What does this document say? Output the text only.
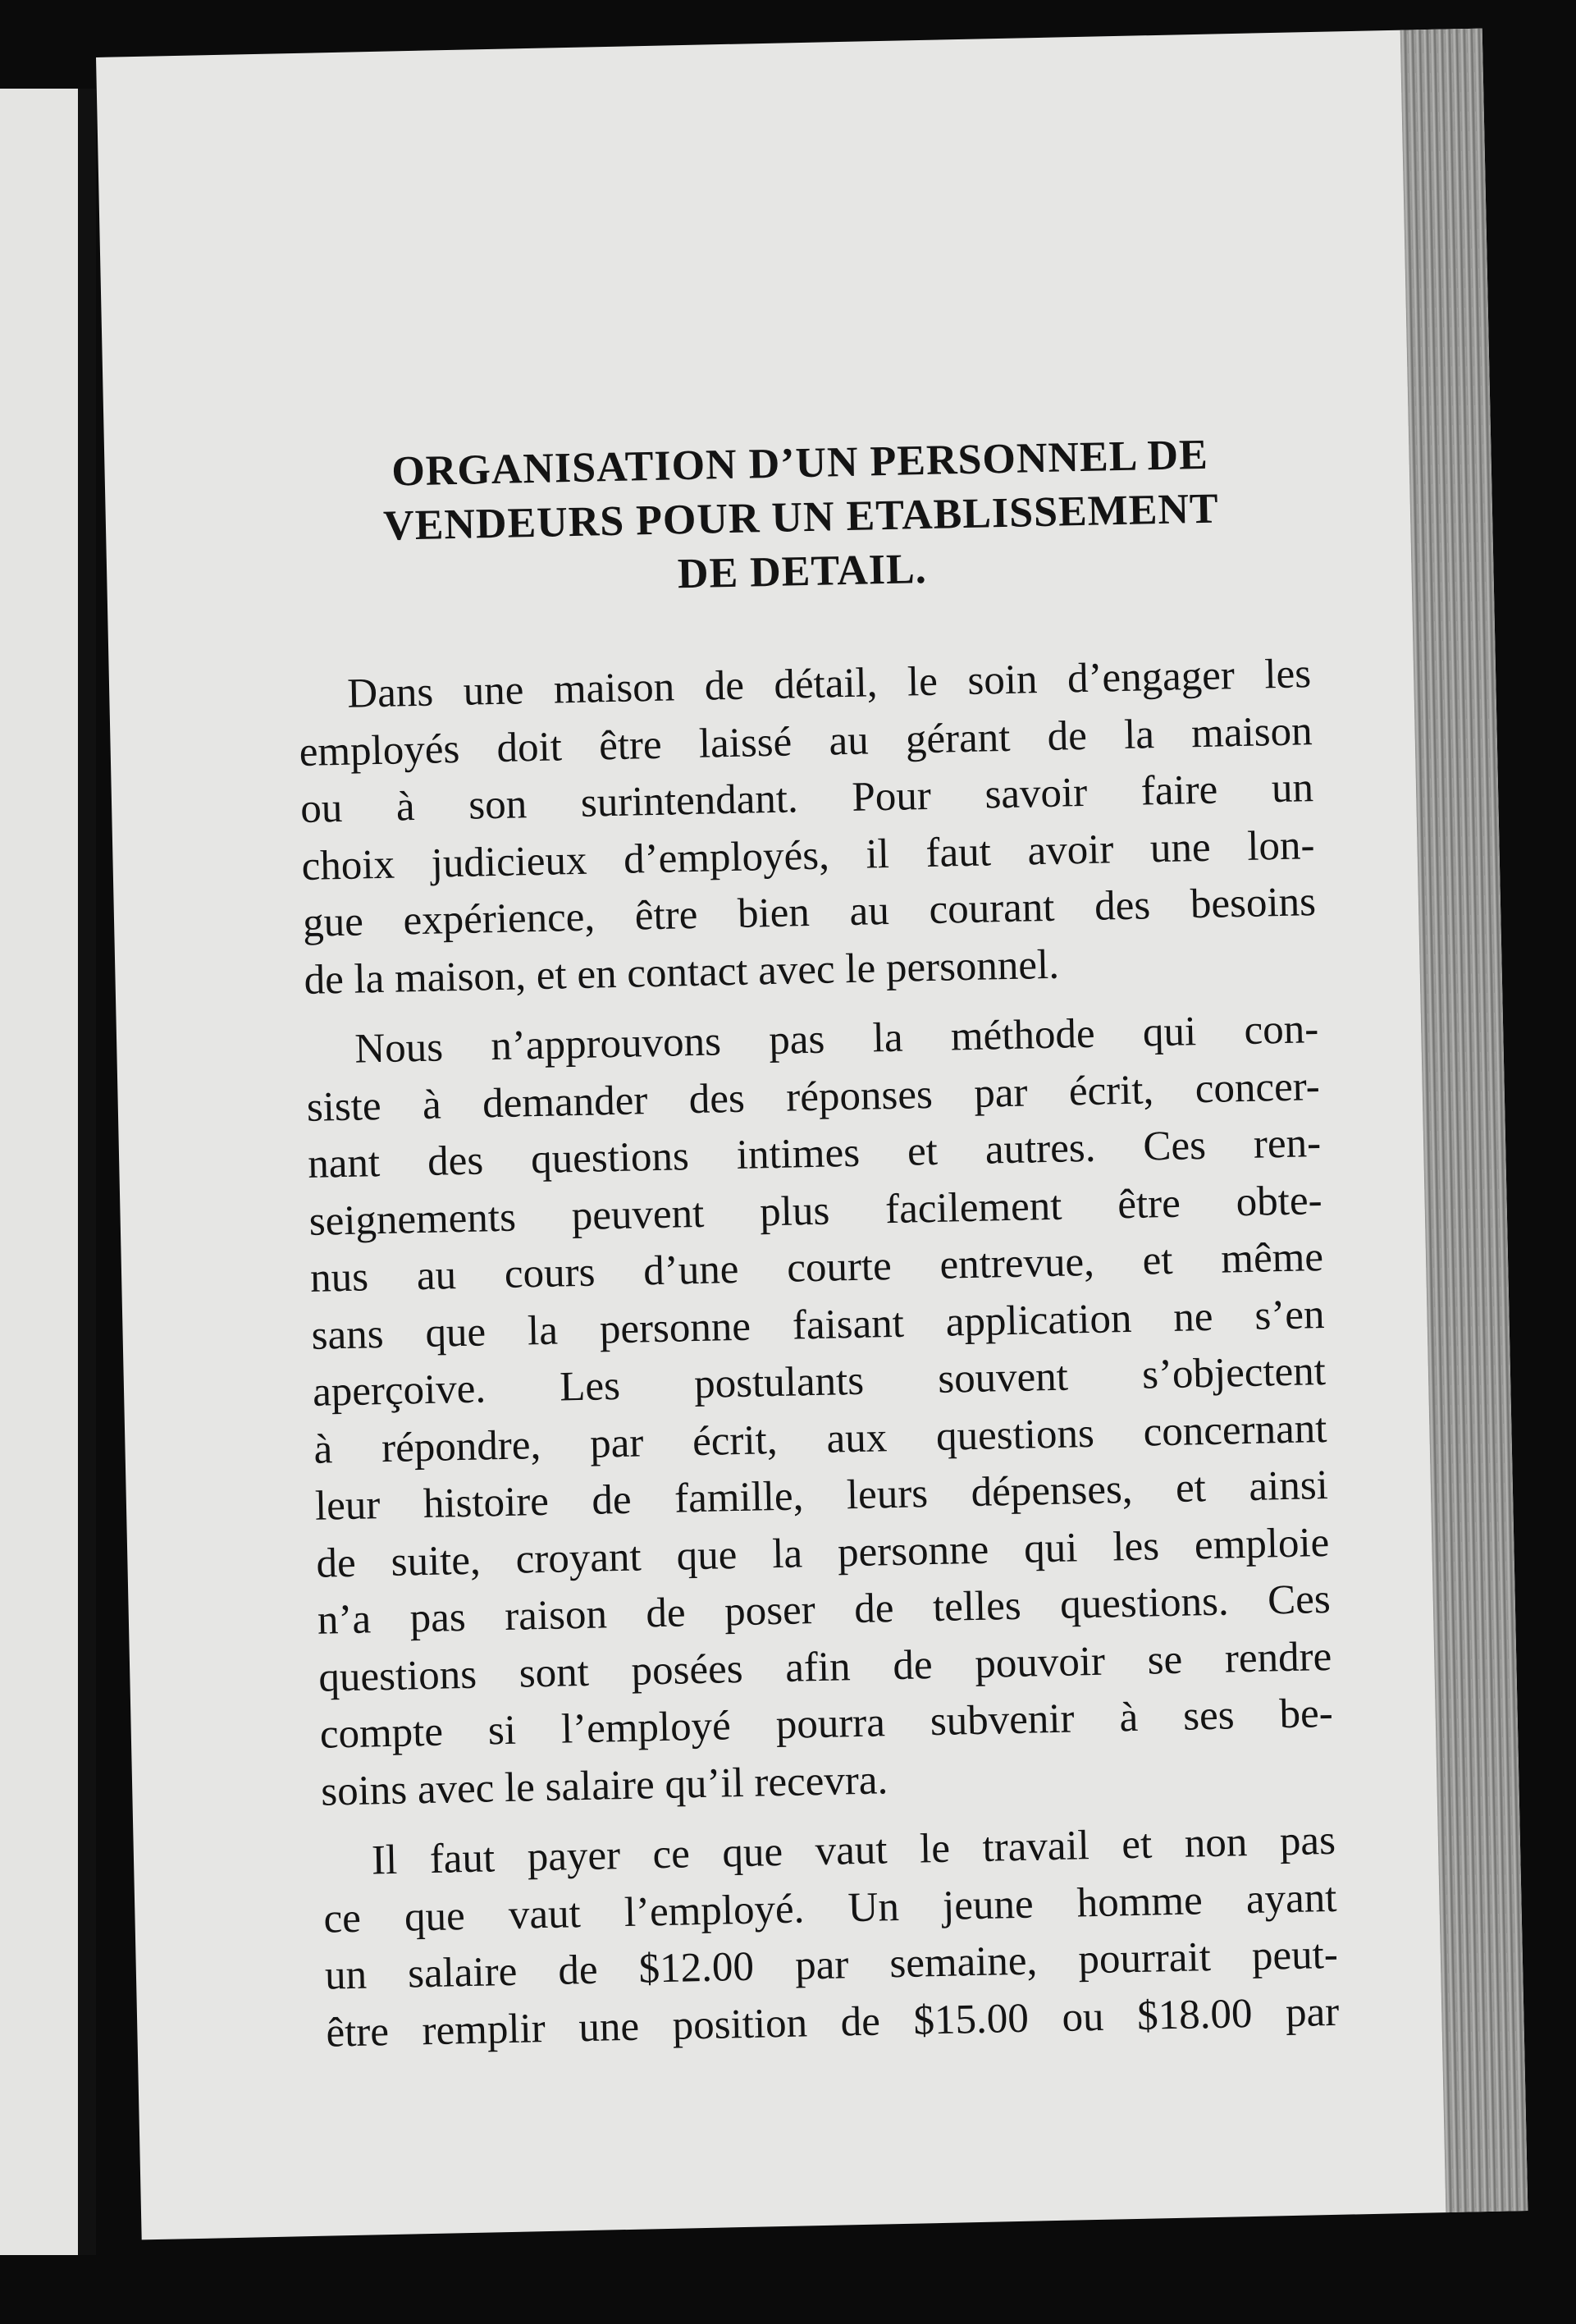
ORGANISATION D’UN PERSONNEL DE
VENDEURS POUR UN ETABLISSEMENT
DE DETAIL.

Dans une maison de détail, le soin d’engager les
employés doit être laissé au gérant de la maison
ou à son surintendant. Pour savoir faire un
choix judicieux d’employés, il faut avoir une lon-
gue expérience, être bien au courant des besoins
de la maison, et en contact avec le personnel.

Nous n’approuvons pas la méthode qui con-
siste à demander des réponses par écrit, concer-
nant des questions intimes et autres. Ces ren-
seignements peuvent plus facilement être obte-
nus au cours d’une courte entrevue, et même
sans que la personne faisant application ne s’en
aperçoive. Les postulants souvent s’objectent
à répondre, par écrit, aux questions concernant
leur histoire de famille, leurs dépenses, et ainsi
de suite, croyant que la personne qui les emploie
n’a pas raison de poser de telles questions. Ces
questions sont posées afin de pouvoir se rendre
compte si l’employé pourra subvenir à ses be-
soins avec le salaire qu’il recevra.

Il faut payer ce que vaut le travail et non pas
ce que vaut l’employé. Un jeune homme ayant
un salaire de $12.00 par semaine, pourrait peut-
être remplir une position de $15.00 ou $18.00 par
